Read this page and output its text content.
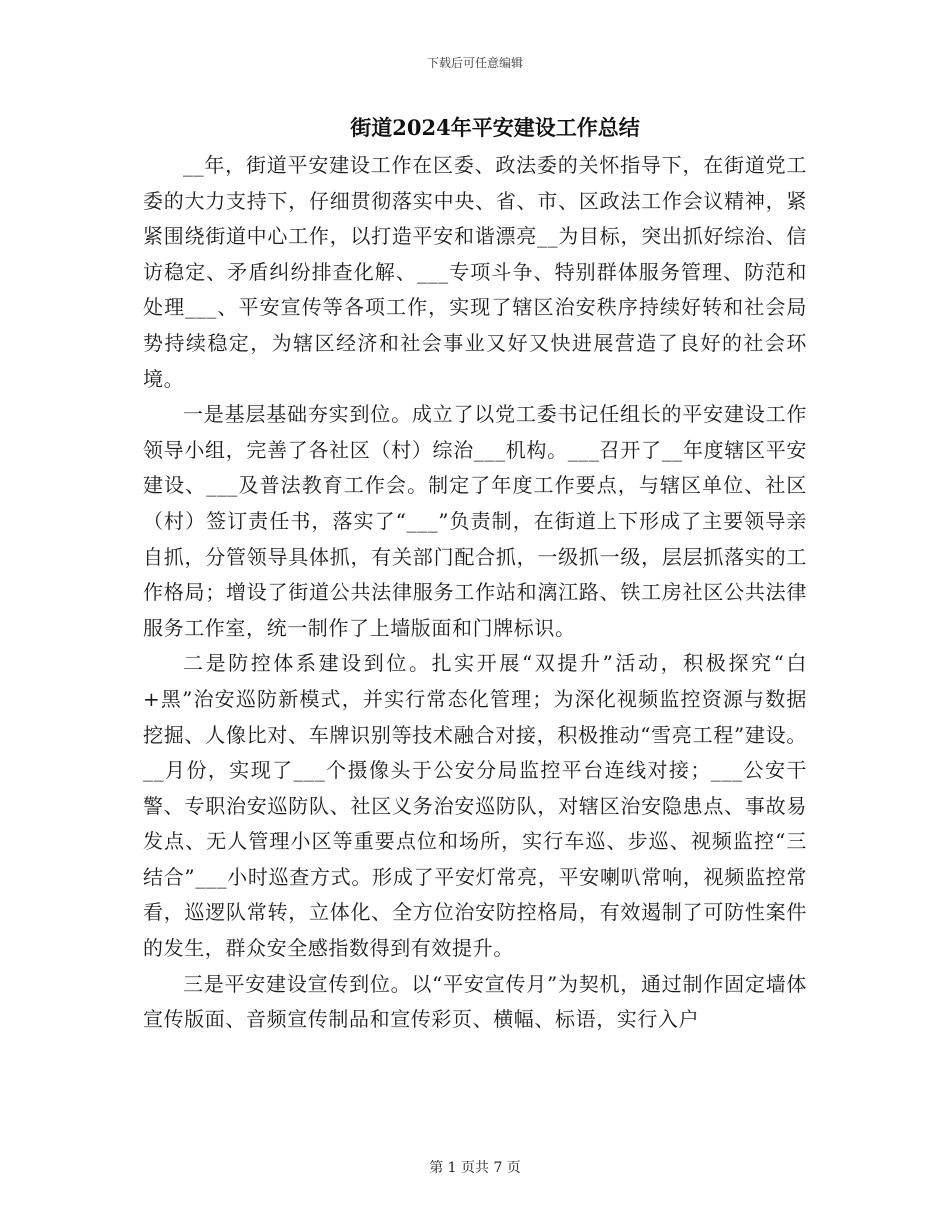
下载后可任意编辑
街道2024年平安建设工作总结

__年，街道平安建设工作在区委、政法委的关怀指导下，在街道党工委的大力支持下，仔细贯彻落实中央、省、市、区政法工作会议精神，紧紧围绕街道中心工作，以打造平安和谐漂亮__为目标，突出抓好综治、信访稳定、矛盾纠纷排查化解、___专项斗争、特别群体服务管理、防范和处理___、平安宣传等各项工作，实现了辖区治安秩序持续好转和社会局势持续稳定，为辖区经济和社会事业又好又快进展营造了良好的社会环境。

一是基层基础夯实到位。成立了以党工委书记任组长的平安建设工作领导小组，完善了各社区（村）综治___机构。___召开了__年度辖区平安建设、___及普法教育工作会。制定了年度工作要点，与辖区单位、社区（村）签订责任书，落实了“___”负责制，在街道上下形成了主要领导亲自抓，分管领导具体抓，有关部门配合抓，一级抓一级，层层抓落实的工作格局；增设了街道公共法律服务工作站和漓江路、铁工房社区公共法律服务工作室，统一制作了上墙版面和门牌标识。

二是防控体系建设到位。扎实开展“双提升”活动，积极探究“白+黑”治安巡防新模式，并实行常态化管理；为深化视频监控资源与数据挖掘、人像比对、车牌识别等技术融合对接，积极推动“雪亮工程”建设。__月份，实现了___个摄像头于公安分局监控平台连线对接；___公安干警、专职治安巡防队、社区义务治安巡防队，对辖区治安隐患点、事故易发点、无人管理小区等重要点位和场所，实行车巡、步巡、视频监控“三结合”___小时巡查方式。形成了平安灯常亮，平安喇叭常响，视频监控常看，巡逻队常转，立体化、全方位治安防控格局，有效遏制了可防性案件的发生，群众安全感指数得到有效提升。

三是平安建设宣传到位。以“平安宣传月”为契机，通过制作固定墙体宣传版面、音频宣传制品和宣传彩页、横幅、标语，实行入户

第 1 页共 7 页
